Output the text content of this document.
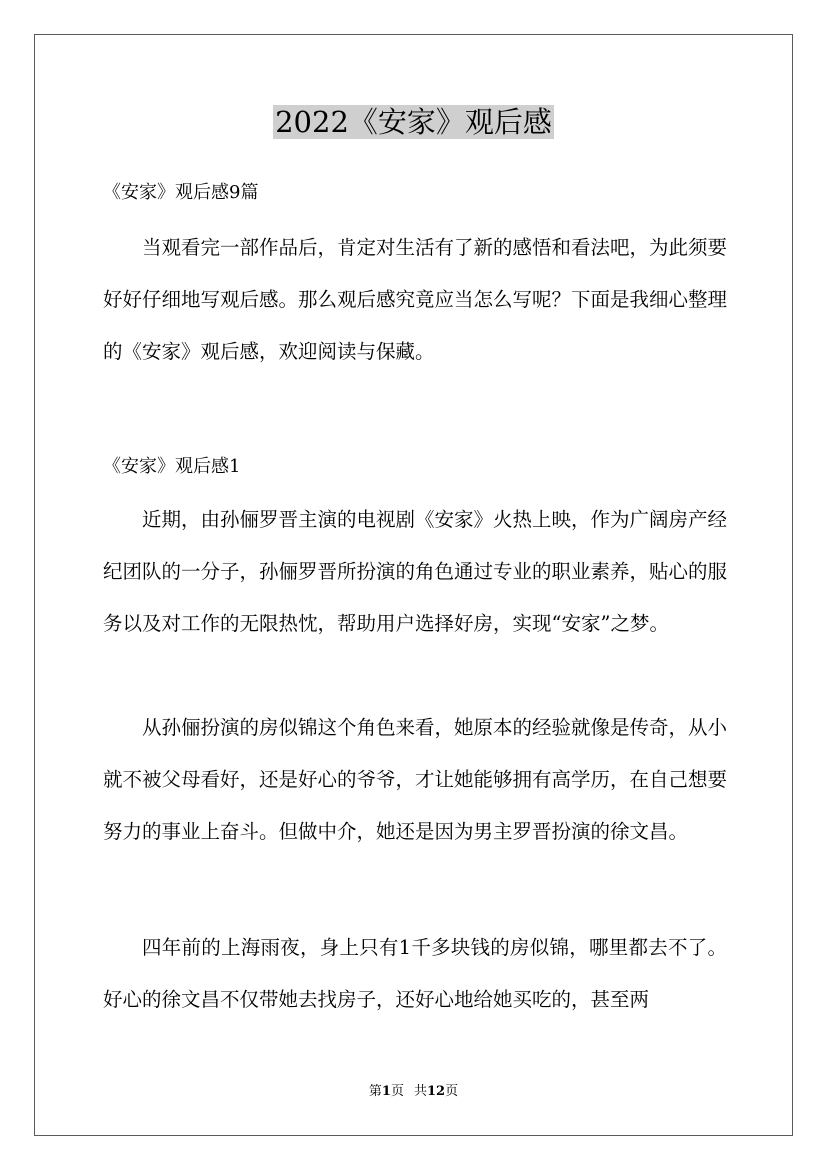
2022《安家》观后感
《安家》观后感9篇

当观看完一部作品后，肯定对生活有了新的感悟和看法吧，为此须要好好仔细地写观后感。那么观后感究竟应当怎么写呢？下面是我细心整理的《安家》观后感，欢迎阅读与保藏。

《安家》观后感1

近期，由孙俪罗晋主演的电视剧《安家》火热上映，作为广阔房产经纪团队的一分子，孙俪罗晋所扮演的角色通过专业的职业素养，贴心的服务以及对工作的无限热忱，帮助用户选择好房，实现“安家”之梦。

从孙俪扮演的房似锦这个角色来看，她原本的经验就像是传奇，从小就不被父母看好，还是好心的爷爷，才让她能够拥有高学历，在自己想要努力的事业上奋斗。但做中介，她还是因为男主罗晋扮演的徐文昌。

四年前的上海雨夜，身上只有1千多块钱的房似锦，哪里都去不了。好心的徐文昌不仅带她去找房子，还好心地给她买吃的，甚至两

第1页 共12页
